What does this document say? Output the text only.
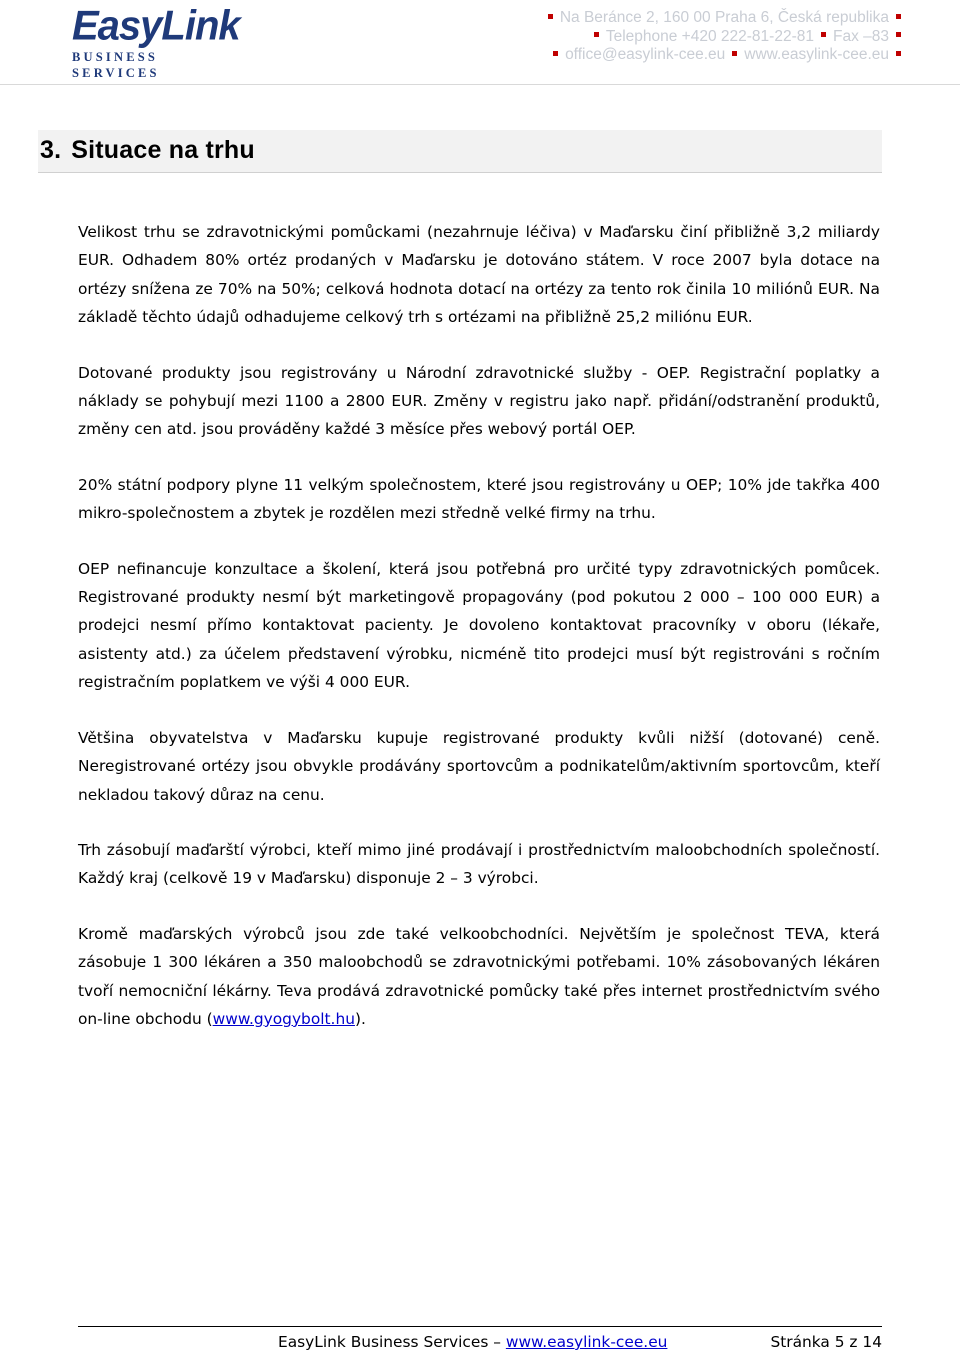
EasyLink
BUSINESS SERVICES
Na Beránce 2, 160 00 Praha 6, Česká republika
Telephone +420 222-81-22-81 Fax –83
office@easylink-cee.eu www.easylink-cee.eu
3. Situace na trhu

Velikost trhu se zdravotnickými pomůckami (nezahrnuje léčiva) v Maďarsku činí přibližně 3,2 miliardy EUR. Odhadem 80% ortéz prodaných v Maďarsku je dotováno státem. V roce 2007 byla dotace na ortézy snížena ze 70% na 50%; celková hodnota dotací na ortézy za tento rok činila 10 miliónů EUR. Na základě těchto údajů odhadujeme celkový trh s ortézami na přibližně 25,2 miliónu EUR.

Dotované produkty jsou registrovány u Národní zdravotnické služby - OEP. Registrační poplatky a náklady se pohybují mezi 1100 a 2800 EUR. Změny v registru jako např. přidání/odstranění produktů, změny cen atd. jsou prováděny každé 3 měsíce přes webový portál OEP.

20% státní podpory plyne 11 velkým společnostem, které jsou registrovány u OEP; 10% jde takřka 400 mikro-společnostem a zbytek je rozdělen mezi středně velké firmy na trhu.

OEP nefinancuje konzultace a školení, která jsou potřebná pro určité typy zdravotnických pomůcek. Registrované produkty nesmí být marketingově propagovány (pod pokutou 2 000 – 100 000 EUR) a prodejci nesmí přímo kontaktovat pacienty. Je dovoleno kontaktovat pracovníky v oboru (lékaře, asistenty atd.) za účelem představení výrobku, nicméně tito prodejci musí být registrováni s ročním registračním poplatkem ve výši 4 000 EUR.

Většina obyvatelstva v Maďarsku kupuje registrované produkty kvůli nižší (dotované) ceně. Neregistrované ortézy jsou obvykle prodávány sportovcům a podnikatelům/aktivním sportovcům, kteří nekladou takový důraz na cenu.

Trh zásobují maďarští výrobci, kteří mimo jiné prodávají i prostřednictvím maloobchodních společností. Každý kraj (celkově 19 v Maďarsku) disponuje 2 – 3 výrobci.

Kromě maďarských výrobců jsou zde také velkoobchodníci. Největším je společnost TEVA, která zásobuje 1 300 lékáren a 350 maloobchodů se zdravotnickými potřebami. 10% zásobovaných lékáren tvoří nemocniční lékárny. Teva prodává zdravotnické pomůcky také přes internet prostřednictvím svého on-line obchodu (www.gyogybolt.hu).

EasyLink Business Services – www.easylink-cee.eu	Stránka 5 z 14
